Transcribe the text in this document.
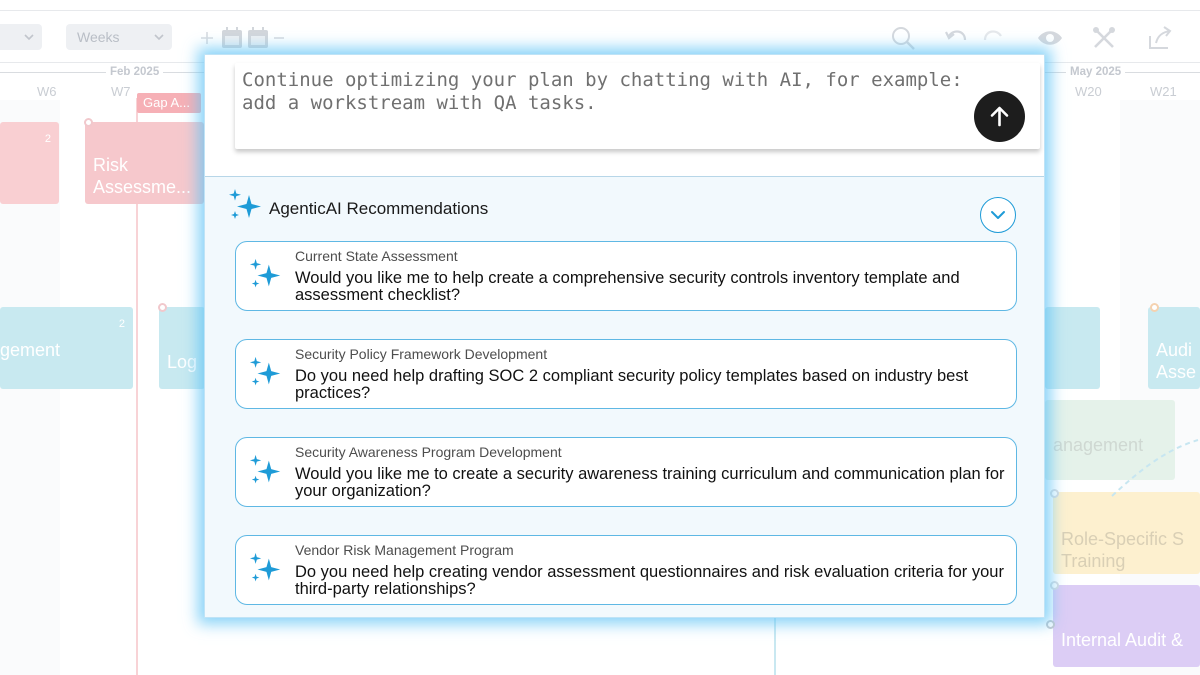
Weeks
Feb 2025	May 2025
W6	W7	W20	W21
Gap A...

2

Risk
Assessme...

gement

2

Log

Audi
Asse

anagement

Role-Specific S
Training

Internal Audit &

Continue optimizing your plan by chatting with AI, for example: add a workstream with QA tasks.
AgenticAI Recommendations
Current State Assessment
Would you like me to help create a comprehensive security controls inventory template and assessment checklist?
Security Policy Framework Development
Do you need help drafting SOC 2 compliant security policy templates based on industry best practices?
Security Awareness Program Development
Would you like me to create a security awareness training curriculum and communication plan for your organization?
Vendor Risk Management Program
Do you need help creating vendor assessment questionnaires and risk evaluation criteria for your third-party relationships?
